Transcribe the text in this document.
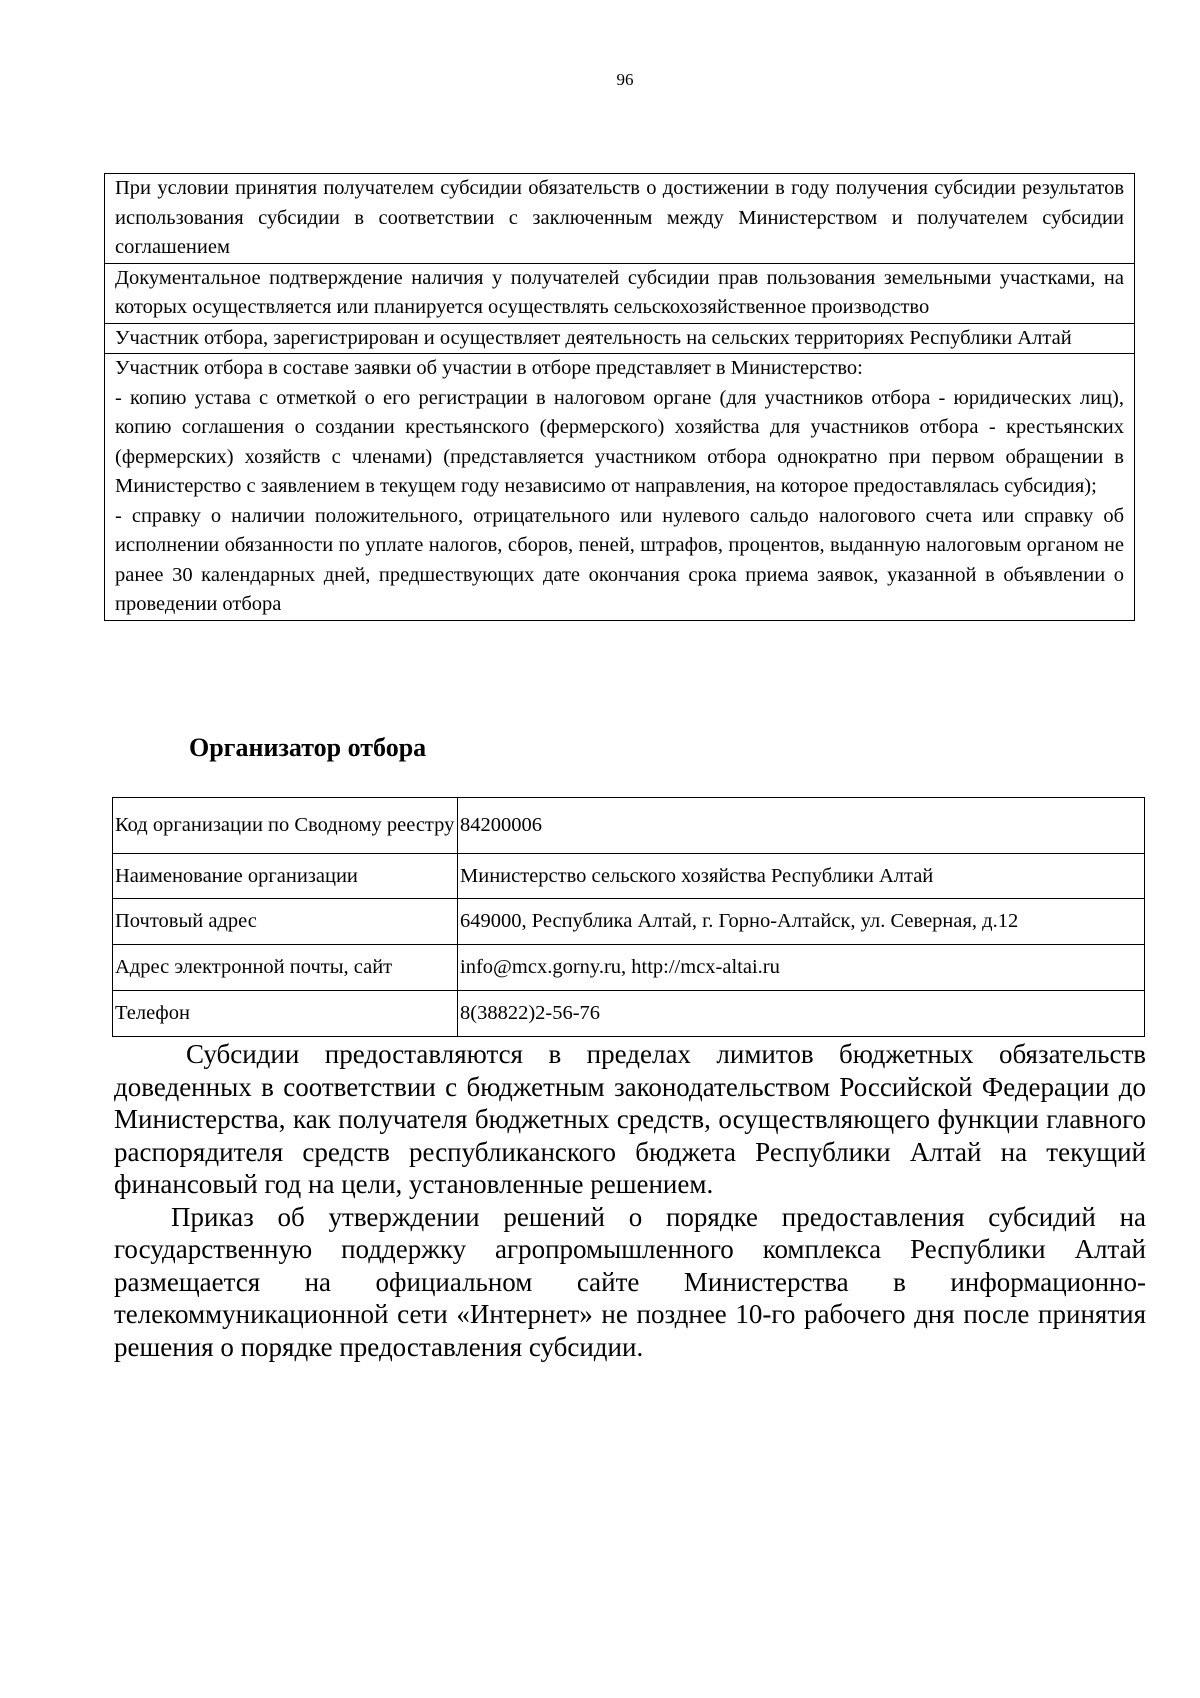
96

При условии принятия получателем субсидии обязательств о достижении в году получения субсидии результатов использования субсидии в соответствии с заключенным между Министерством и получателем субсидии соглашением

Документальное подтверждение наличия у получателей субсидии прав пользования земельными участками, на которых осуществляется или планируется осуществлять сельскохозяйственное производство

Участник отбора, зарегистрирован и осуществляет деятельность на сельских территориях Республики Алтай

Участник отбора в составе заявки об участии в отборе представляет в Министерство:

- копию устава с отметкой о его регистрации в налоговом органе (для участников отбора - юридических лиц), копию соглашения о создании крестьянского (фермерского) хозяйства для участников отбора - крестьянских (фермерских) хозяйств с членами) (представляется участником отбора однократно при первом обращении в Министерство с заявлением в текущем году независимо от направления, на которое предоставлялась субсидия);

- справку о наличии положительного, отрицательного или нулевого сальдо налогового счета или справку об исполнении обязанности по уплате налогов, сборов, пеней, штрафов, процентов, выданную налоговым органом не ранее 30 календарных дней, предшествующих дате окончания срока приема заявок, указанной в объявлении о проведении отбора

Организатор отбора
Код организации по Сводному реестру	84200006
Наименование организации	Министерство сельского хозяйства Республики Алтай
Почтовый адрес	649000, Республика Алтай, г. Горно-Алтайск, ул. Северная, д.12
Адрес электронной почты, сайт	info@mcx.gorny.ru, http://mcx-altai.ru
Телефон	8(38822)2-56-76

Субсидии предоставляются в пределах лимитов бюджетных обязательств доведенных в соответствии с бюджетным законодательством Российской Федерации до Министерства, как получателя бюджетных средств, осуществляющего функции главного распорядителя средств республиканского бюджета Республики Алтай на текущий финансовый год на цели, установленные решением.

Приказ об утверждении решений о порядке предоставления субсидий на государственную поддержку агропромышленного комплекса Республики Алтай размещается на официальном сайте Министерства в информационно-телекоммуникационной сети «Интернет» не позднее 10-го рабочего дня после принятия решения о порядке предоставления субсидии.
